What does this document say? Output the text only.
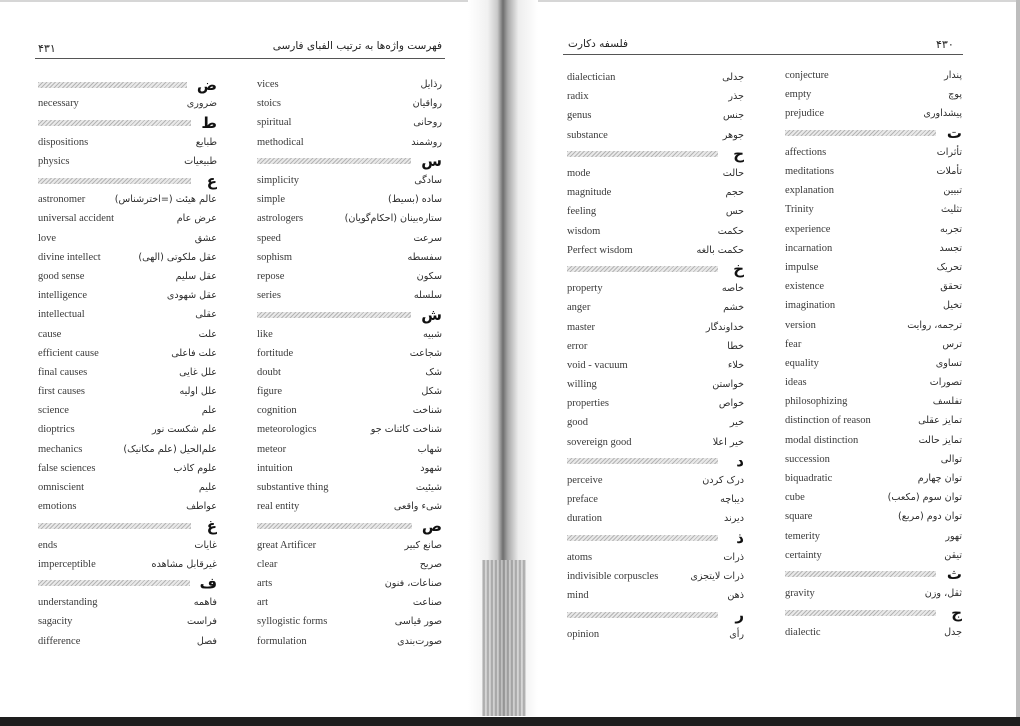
۴۳۱	فهرست واژه‌ها به ترتیب الفبای فارسی
ض
necessary	ضروری
ط
dispositions	طبایع
physics	طبیعیات
ع
astronomer	عالم هیئت (=اخترشناس)
universal accident	عرض عام
love	عشق
divine intellect	عقل ملکوتی (الهی)
good sense	عقل سلیم
intelligence	عقل شهودی
intellectual	عقلی
cause	علت
efficient cause	علت فاعلی
final causes	علل غایی
first causes	علل اولیه
science	علم
dioptrics	علم شکست نور
mechanics	علم‌الحیل (علم مکانیک)
false sciences	علوم کاذب
omniscient	علیم
emotions	عواطف
غ
ends	غایات
imperceptible	غیرقابل مشاهده
ف
understanding	فاهمه
sagacity	فراست
difference	فصل
vices	رذایل
stoics	رواقیان
spiritual	روحانی
methodical	روشمند
س
simplicity	سادگی
simple	ساده (بسیط)
astrologers	ستاره‌بینان (احکام‌گویان)
speed	سرعت
sophism	سفسطه
repose	سکون
series	سلسله
ش
like	شبیه
fortitude	شجاعت
doubt	شک
figure	شکل
cognition	شناخت
meteorologics	شناخت کائنات جو
meteor	شهاب
intuition	شهود
substantive thing	شیئیت
real entity	شیء واقعی
ص
great Artificer	صانع کبیر
clear	صریح
arts	صناعات، فنون
art	صناعت
syllogistic forms	صور قیاسی
formulation	صورت‌بندی
فلسفه دکارت	۴۳۰
dialectician	جدلی
radix	جذر
genus	جنس
substance	جوهر
ح
mode	حالت
magnitude	حجم
feeling	حس
wisdom	حکمت
Perfect wisdom	حکمت بالغه
خ
property	خاصه
anger	خشم
master	خداوندگار
error	خطا
void - vacuum	خلاء
willing	خواستن
properties	خواص
good	خیر
sovereign good	خیر اعلا
د
perceive	درک کردن
preface	دیباچه
duration	دیرند
ذ
atoms	ذرات
indivisible corpuscles	ذرات لایتجزی
mind	ذهن
ر
opinion	رأی
conjecture	پندار
empty	پوچ
prejudice	پیشداوری
ت
affections	تأثرات
meditations	تأملات
explanation	تبیین
Trinity	تثلیث
experience	تجربه
incarnation	تجسد
impulse	تحریک
existence	تحقق
imagination	تخیل
version	ترجمه، روایت
fear	ترس
equality	تساوی
ideas	تصورات
philosophizing	تفلسف
distinction of reason	تمایز عقلی
modal distinction	تمایز حالت
succession	توالی
biquadratic	توان چهارم
cube	توان سوم (مکعب)
square	توان دوم (مربع)
temerity	تهور
certainty	تیقن
ث
gravity	ثقل، وزن
ج
dialectic	جدل
